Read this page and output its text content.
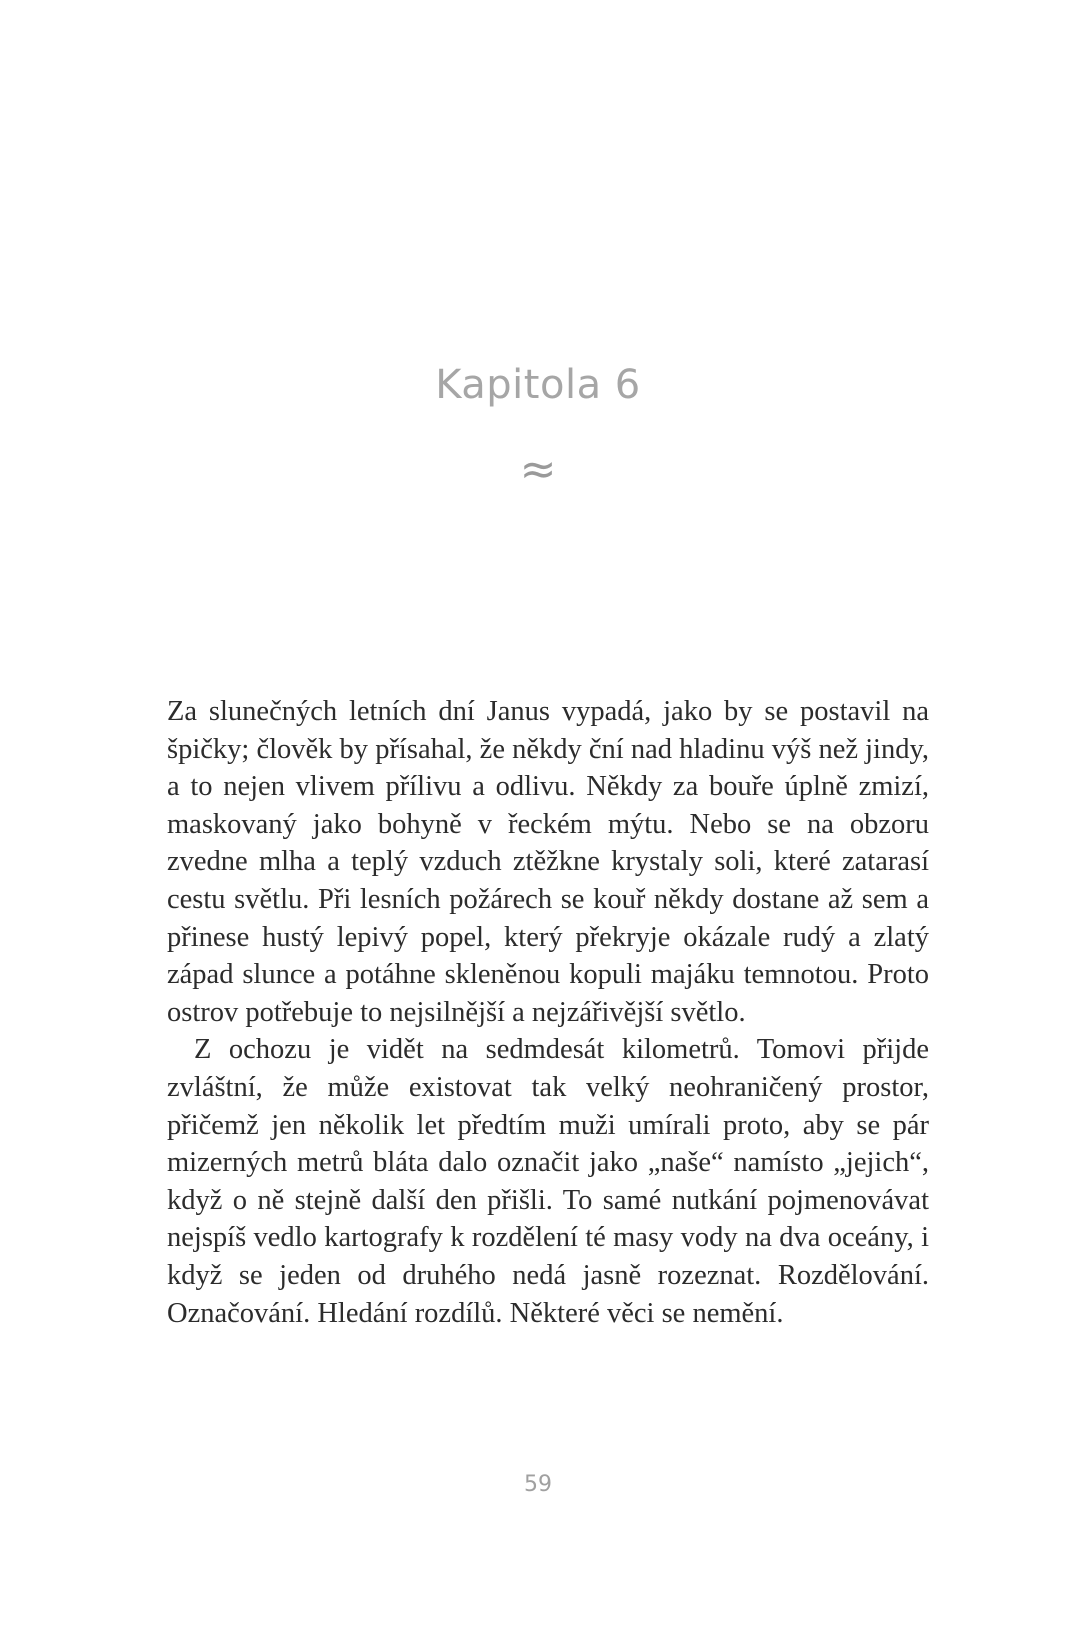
Kapitola 6
≈

Za slunečných letních dní Janus vypadá, jako by se postavil na špičky; člověk by přísahal, že někdy ční nad hladinu výš než jindy, a to nejen vlivem přílivu a odlivu. Někdy za bouře úplně zmizí, maskovaný jako bohyně v řeckém mýtu. Nebo se na obzoru zvedne mlha a teplý vzduch ztěžkne krystaly soli, které zatarasí cestu světlu. Při lesních požárech se kouř někdy dostane až sem a přinese hustý lepivý popel, který překryje okázale rudý a zlatý západ slunce a potáhne skleněnou kopuli majáku temnotou. Proto ostrov potřebuje to nejsilnější a nejzářivější světlo.

Z ochozu je vidět na sedmdesát kilometrů. Tomovi přijde zvláštní, že může existovat tak velký neohraničený prostor, přičemž jen několik let předtím muži umírali proto, aby se pár mizerných metrů bláta dalo označit jako „naše“ namísto „jejich“, když o ně stejně další den přišli. To samé nutkání pojmenovávat nejspíš vedlo kartografy k rozdělení té masy vody na dva oceány, i když se jeden od druhého nedá jasně rozeznat. Rozdělování. Označování. Hledání rozdílů. Některé věci se nemění.

59
